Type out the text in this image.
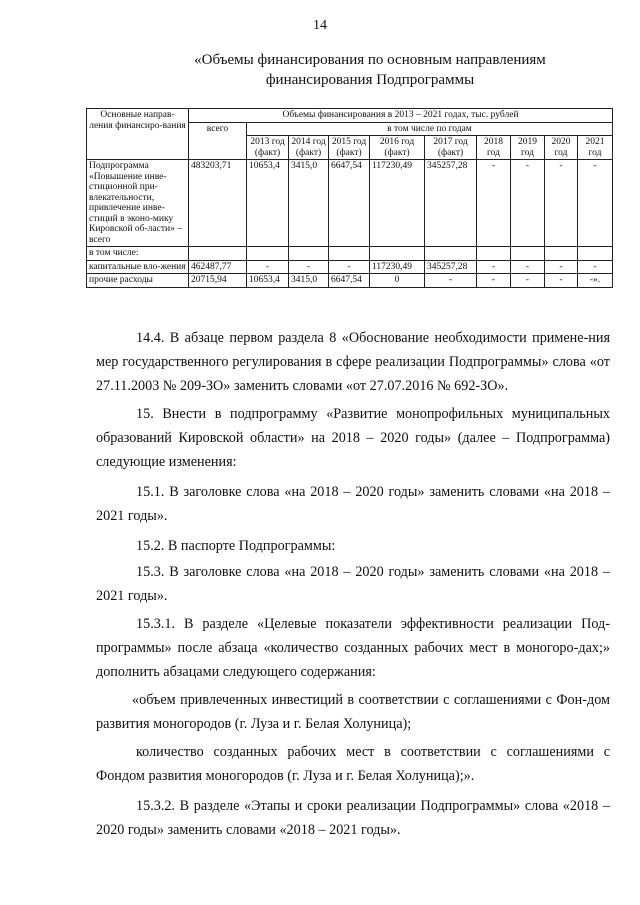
14
«Объемы финансирования по основным направлениям
финансирования Подпрограммы
Основные направ-ления финансиро-вания	Объемы финансирования в 2013 – 2021 годах, тыс. рублей									
	всего	в том числе по годам								
		2013 год (факт)	2014 год (факт)	2015 год (факт)	2016 год (факт)	2017 год (факт)	2018 год	2019 год	2020 год	2021 год
Подпрограмма «Повышение инве-стиционной при-влекательности, привлечение инве-стиций в эконо-мику Кировской об-ласти» – всего	483203,71	10653,4	3415,0	6647,54	117230,49	345257,28	-	-	-	-
в том числе:										
капитальные вло-жения	462487,77	-	-	-	117230,49	345257,28	-	-	-	-
прочие расходы	20715,94	10653,4	3415,0	6647,54	0	-	-	-	-	-».

14.4. В абзаце первом раздела 8 «Обоснование необходимости примене-ния мер государственного регулирования в сфере реализации Подпрограммы» слова «от 27.11.2003 № 209-ЗО» заменить словами «от 27.07.2016 № 692-ЗО».

15. Внести в подпрограмму «Развитие монопрофильных муниципальных образований Кировской области» на 2018 – 2020 годы» (далее – Подпрограмма) следующие изменения:

15.1. В заголовке слова «на 2018 – 2020 годы» заменить словами «на 2018 – 2021 годы».

15.2. В паспорте Подпрограммы:

15.3. В заголовке слова «на 2018 – 2020 годы» заменить словами «на 2018 – 2021 годы».

15.3.1. В разделе «Целевые показатели эффективности реализации Под-программы» после абзаца «количество созданных рабочих мест в моногоро-дах;» дополнить абзацами следующего содержания:

«объем привлеченных инвестиций в соответствии с соглашениями с Фон-дом развития моногородов (г. Луза и г. Белая Холуница);

количество созданных рабочих мест в соответствии с соглашениями с Фондом развития моногородов (г. Луза и г. Белая Холуница);».

15.3.2. В разделе «Этапы и сроки реализации Подпрограммы» слова «2018 – 2020 годы» заменить словами «2018 – 2021 годы».
